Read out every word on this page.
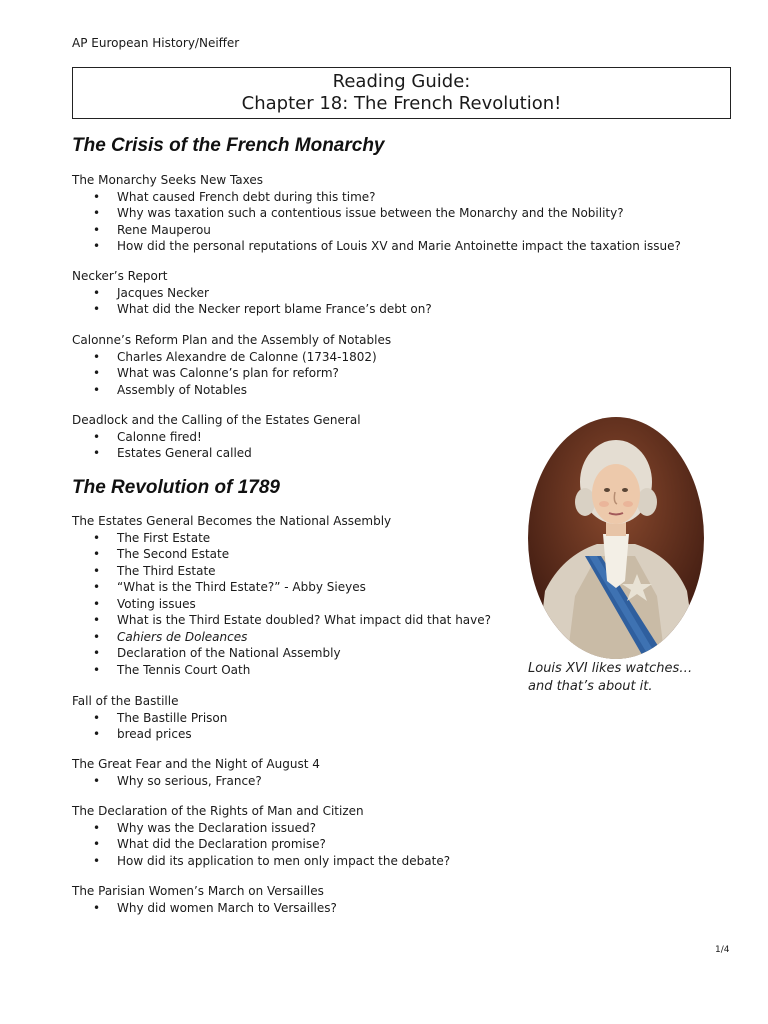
AP European History/Neiffer
Reading Guide:
Chapter 18: The French Revolution!
The Crisis of the French Monarchy
The Monarchy Seeks New Taxes
• What caused French debt during this time?
• Why was taxation such a contentious issue between the Monarchy and the Nobility?
• Rene Mauperou
• How did the personal reputations of Louis XV and Marie Antoinette impact the taxation issue?
Necker’s Report
• Jacques Necker
• What did the Necker report blame France’s debt on?
Calonne’s Reform Plan and the Assembly of Notables
• Charles Alexandre de Calonne (1734-1802)
• What was Calonne’s plan for reform?
• Assembly of Notables
Deadlock and the Calling of the Estates General
• Calonne fired!
• Estates General called
The Revolution of 1789
The Estates General Becomes the National Assembly
• The First Estate
• The Second Estate
• The Third Estate
• “What is the Third Estate?” - Abby Sieyes
• Voting issues
• What is the Third Estate doubled? What impact did that have?
• Cahiers de Doleances
• Declaration of the National Assembly
• The Tennis Court Oath
Fall of the Bastille
• The Bastille Prison
• bread prices
The Great Fear and the Night of August 4
• Why so serious, France?
The Declaration of the Rights of Man and Citizen
• Why was the Declaration issued?
• What did the Declaration promise?
• How did its application to men only impact the debate?
The Parisian Women’s March on Versailles
• Why did women March to Versailles?
Louis XVI likes watches…
and that’s about it.
1/4
